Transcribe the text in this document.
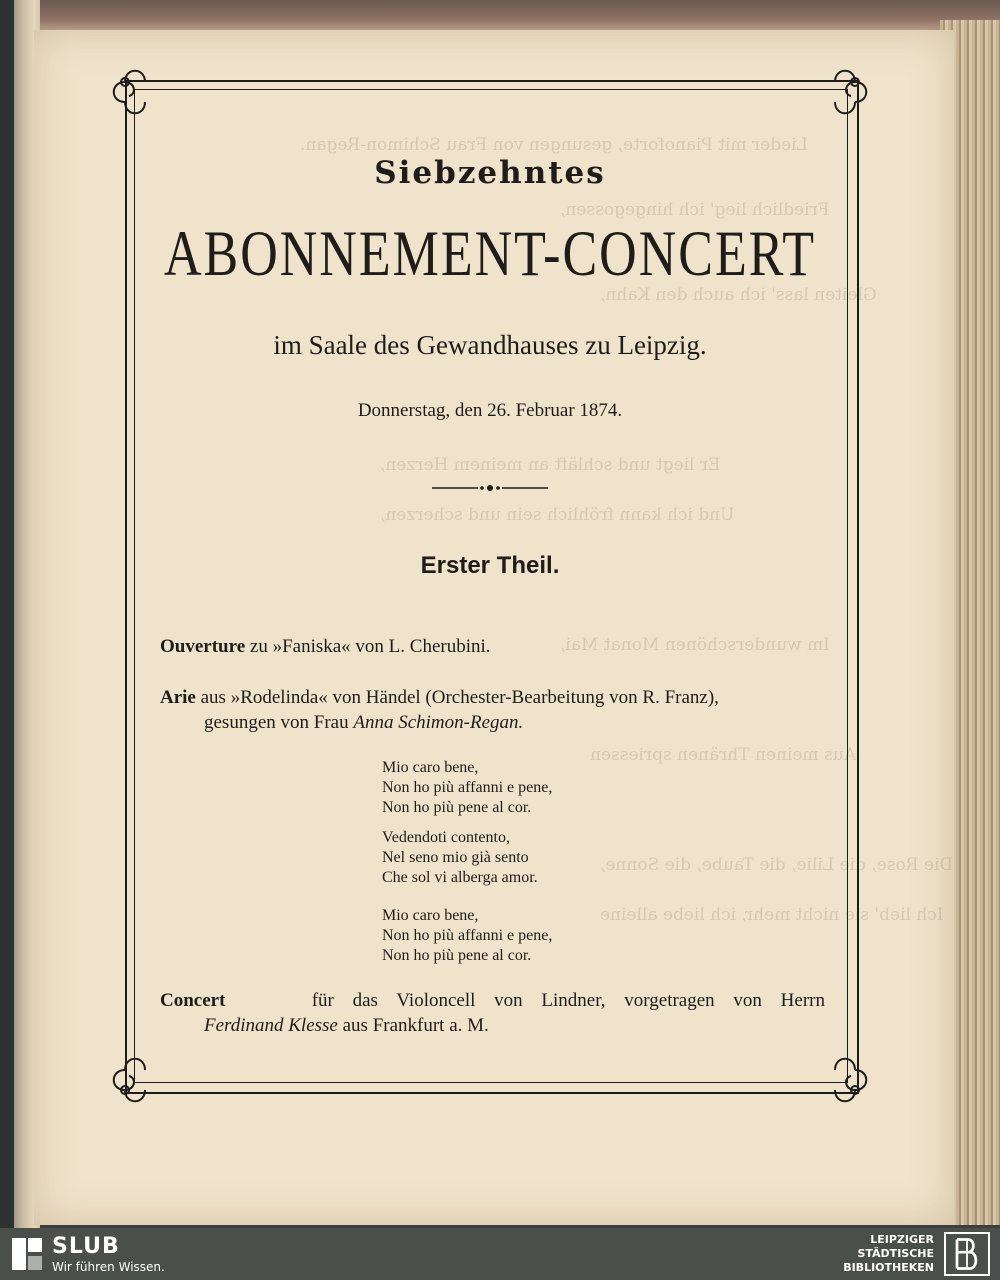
Lieder mit Pianoforte, gesungen von Frau Schimon-Regan.
Friedlich lieg' ich hingegossen,
Gleiten lass' ich auch den Kahn,
Er liegt und schläft an meinem Herzen,
Und ich kann fröhlich sein und scherzen,
Im wunderschönen Monat Mai,
Aus meinen Thränen spriessen
Die Rose, die Lilie, die Taube, die Sonne,
Ich lieb' sie nicht mehr, ich liebe alleine
Siebzehntes
ABONNEMENT-CONCERT
im Saale des Gewandhauses zu Leipzig.
Donnerstag, den 26. Februar 1874.
Erster Theil.
Ouverture zu »Faniska« von L. Cherubini.
Arie aus »Rodelinda« von Händel (Orchester-Bearbeitung von R. Franz),
gesungen von Frau Anna Schimon-Regan.
Mio caro bene,
Non ho più affanni e pene,
Non ho più pene al cor.
Vedendoti contento,
Nel seno mio già sento
Che sol vi alberga amor.
Mio caro bene,
Non ho più affanni e pene,
Non ho più pene al cor.
Concert	für das Violoncell von Lindner, vorgetragen von Herrn
Ferdinand Klesse aus Frankfurt a. M.
SLUB
Wir führen Wissen.
LEIPZIGER
STÄDTISCHE
BIBLIOTHEKEN
